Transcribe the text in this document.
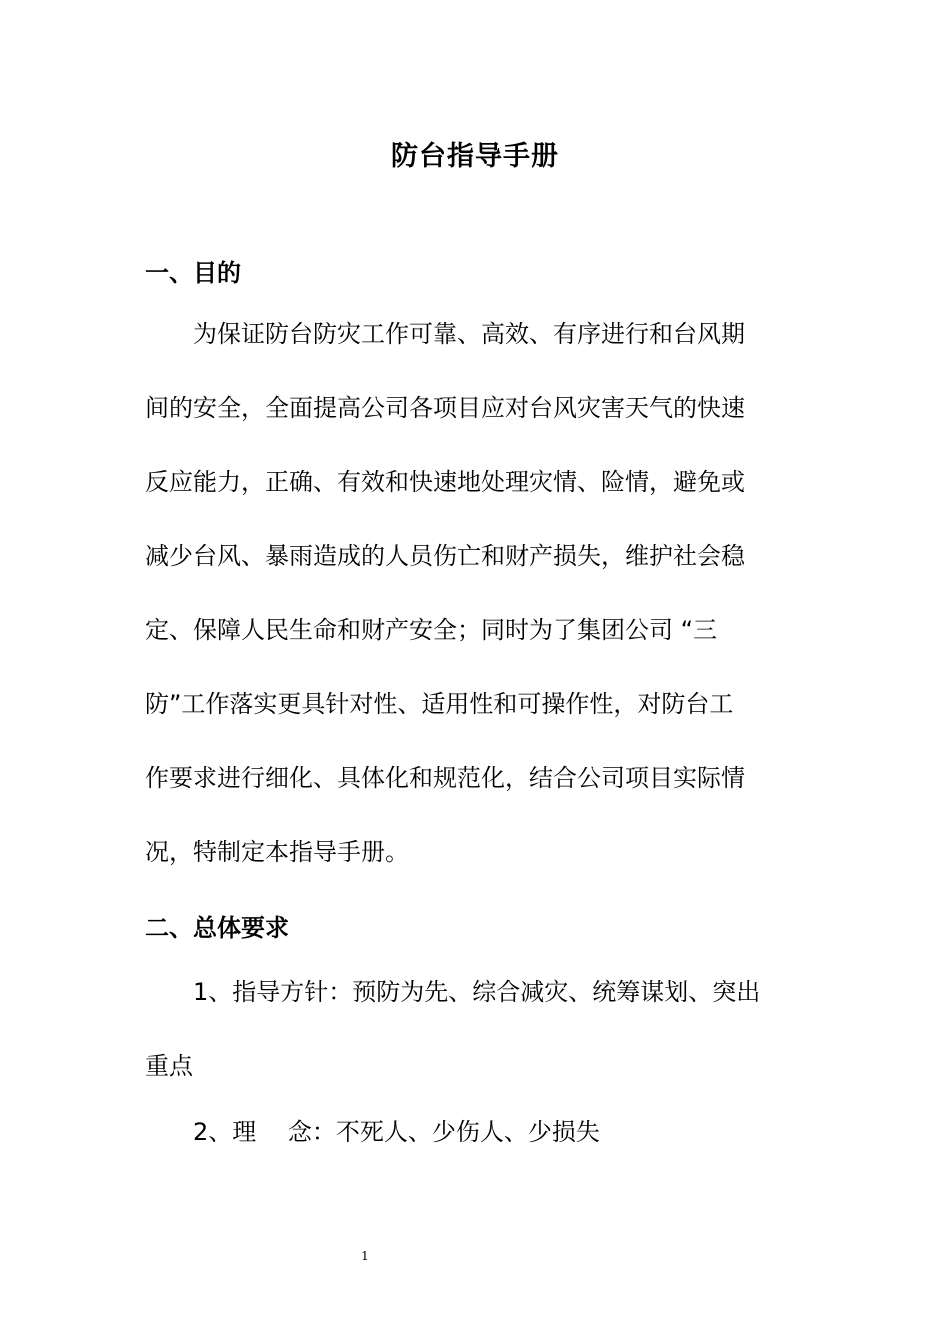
防台指导手册
一、目的
为保证防台防灾工作可靠、高效、有序进行和台风期
间的安全，全面提高公司各项目应对台风灾害天气的快速
反应能力，正确、有效和快速地处理灾情、险情，避免或
减少台风、暴雨造成的人员伤亡和财产损失，维护社会稳
定、保障人民生命和财产安全；同时为了集团公司 “三
防”工作落实更具针对性、适用性和可操作性，对防台工
作要求进行细化、具体化和规范化，结合公司项目实际情
况，特制定本指导手册。
二、总体要求
1、指导方针：预防为先、综合减灾、统筹谋划、突出
重点
2、理　 念：不死人、少伤人、少损失
1
